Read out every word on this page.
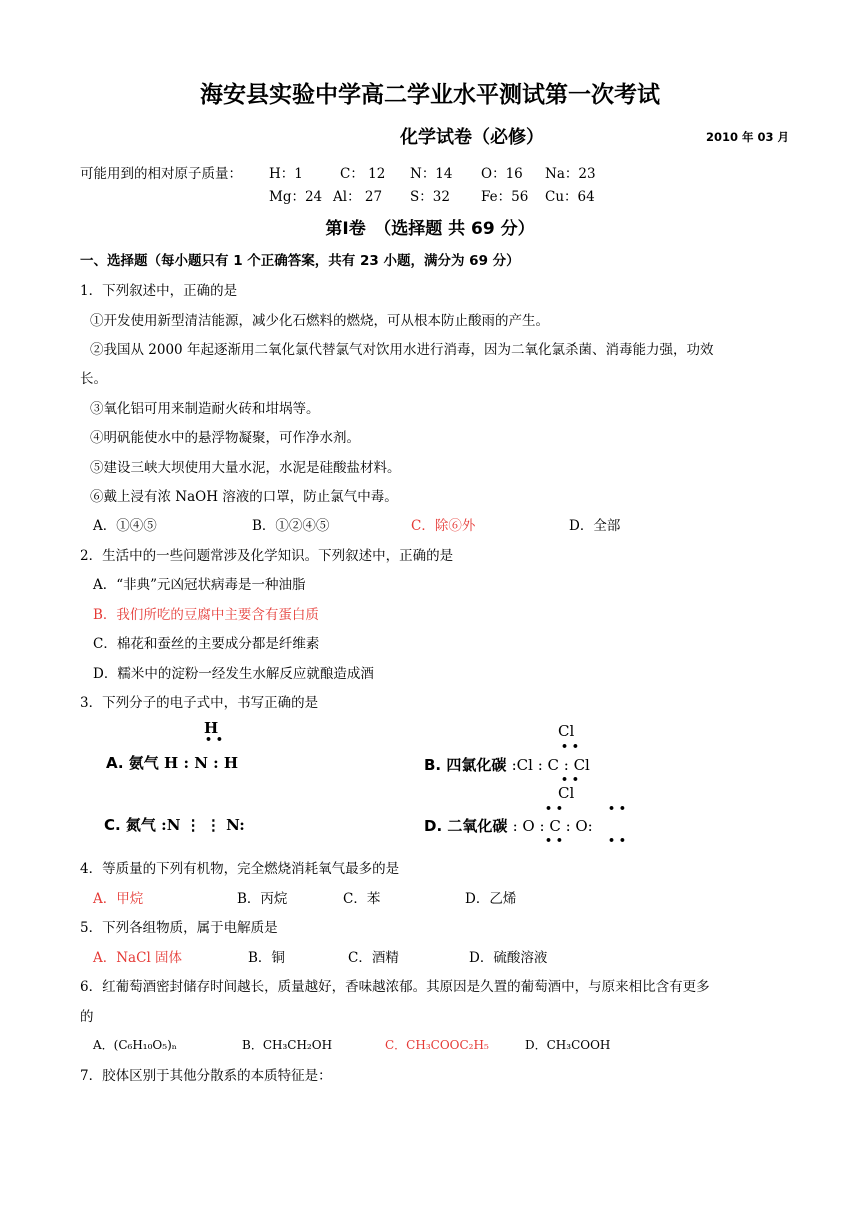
海安县实验中学高二学业水平测试第一次考试
化学试卷（必修）	2010 年 03 月
可能用到的相对原子质量： H：1	C： 12 N：14 O：16 Na：23
Mg：24 Al： 27 S：32 Fe：56 Cu：64
第Ⅰ卷　（选择题 共 69 分）
一、选择题（每小题只有 1 个正确答案，共有 23 小题，满分为 69 分）
1．下列叙述中，正确的是
①开发使用新型清洁能源，减少化石燃料的燃烧，可从根本防止酸雨的产生。
②我国从 2000 年起逐渐用二氧化氯代替氯气对饮用水进行消毒，因为二氧化氯杀菌、消毒能力强，功效
长。
③氧化铝可用来制造耐火砖和坩埚等。
④明矾能使水中的悬浮物凝聚，可作净水剂。
⑤建设三峡大坝使用大量水泥，水泥是硅酸盐材料。
⑥戴上浸有浓 NaOH 溶液的口罩，防止氯气中毒。
A．①④⑤	B．①②④⑤	C．除⑥外	D．全部
2．生活中的一些问题常涉及化学知识。下列叙述中，正确的是
A．“非典”元凶冠状病毒是一种油脂
B．我们所吃的豆腐中主要含有蛋白质
C．棉花和蚕丝的主要成分都是纤维素
D．糯米中的淀粉一经发生水解反应就酿造成酒
3．下列分子的电子式中，书写正确的是
H
• •
A. 氨气 H : N : H
Cl
• •
B. 四氯化碳 :Cl : C : Cl
• •
Cl
C. 氮气 :N ⋮ ⋮ N:
• •	• •
D. 二氧化碳 : O : C : O:
• •	• •
4．等质量的下列有机物，完全燃烧消耗氧气最多的是
A．甲烷	B．丙烷	C．苯	D．乙烯
5．下列各组物质，属于电解质是
A．NaCl 固体	B．铜	C．酒精	D．硫酸溶液
6．红葡萄酒密封储存时间越长，质量越好，香味越浓郁。其原因是久置的葡萄酒中，与原来相比含有更多
的
A．(C₆H₁₀O₅)ₙ	B．CH₃CH₂OH	C．CH₃COOC₂H₅	D．CH₃COOH
7．胶体区别于其他分散系的本质特征是：
